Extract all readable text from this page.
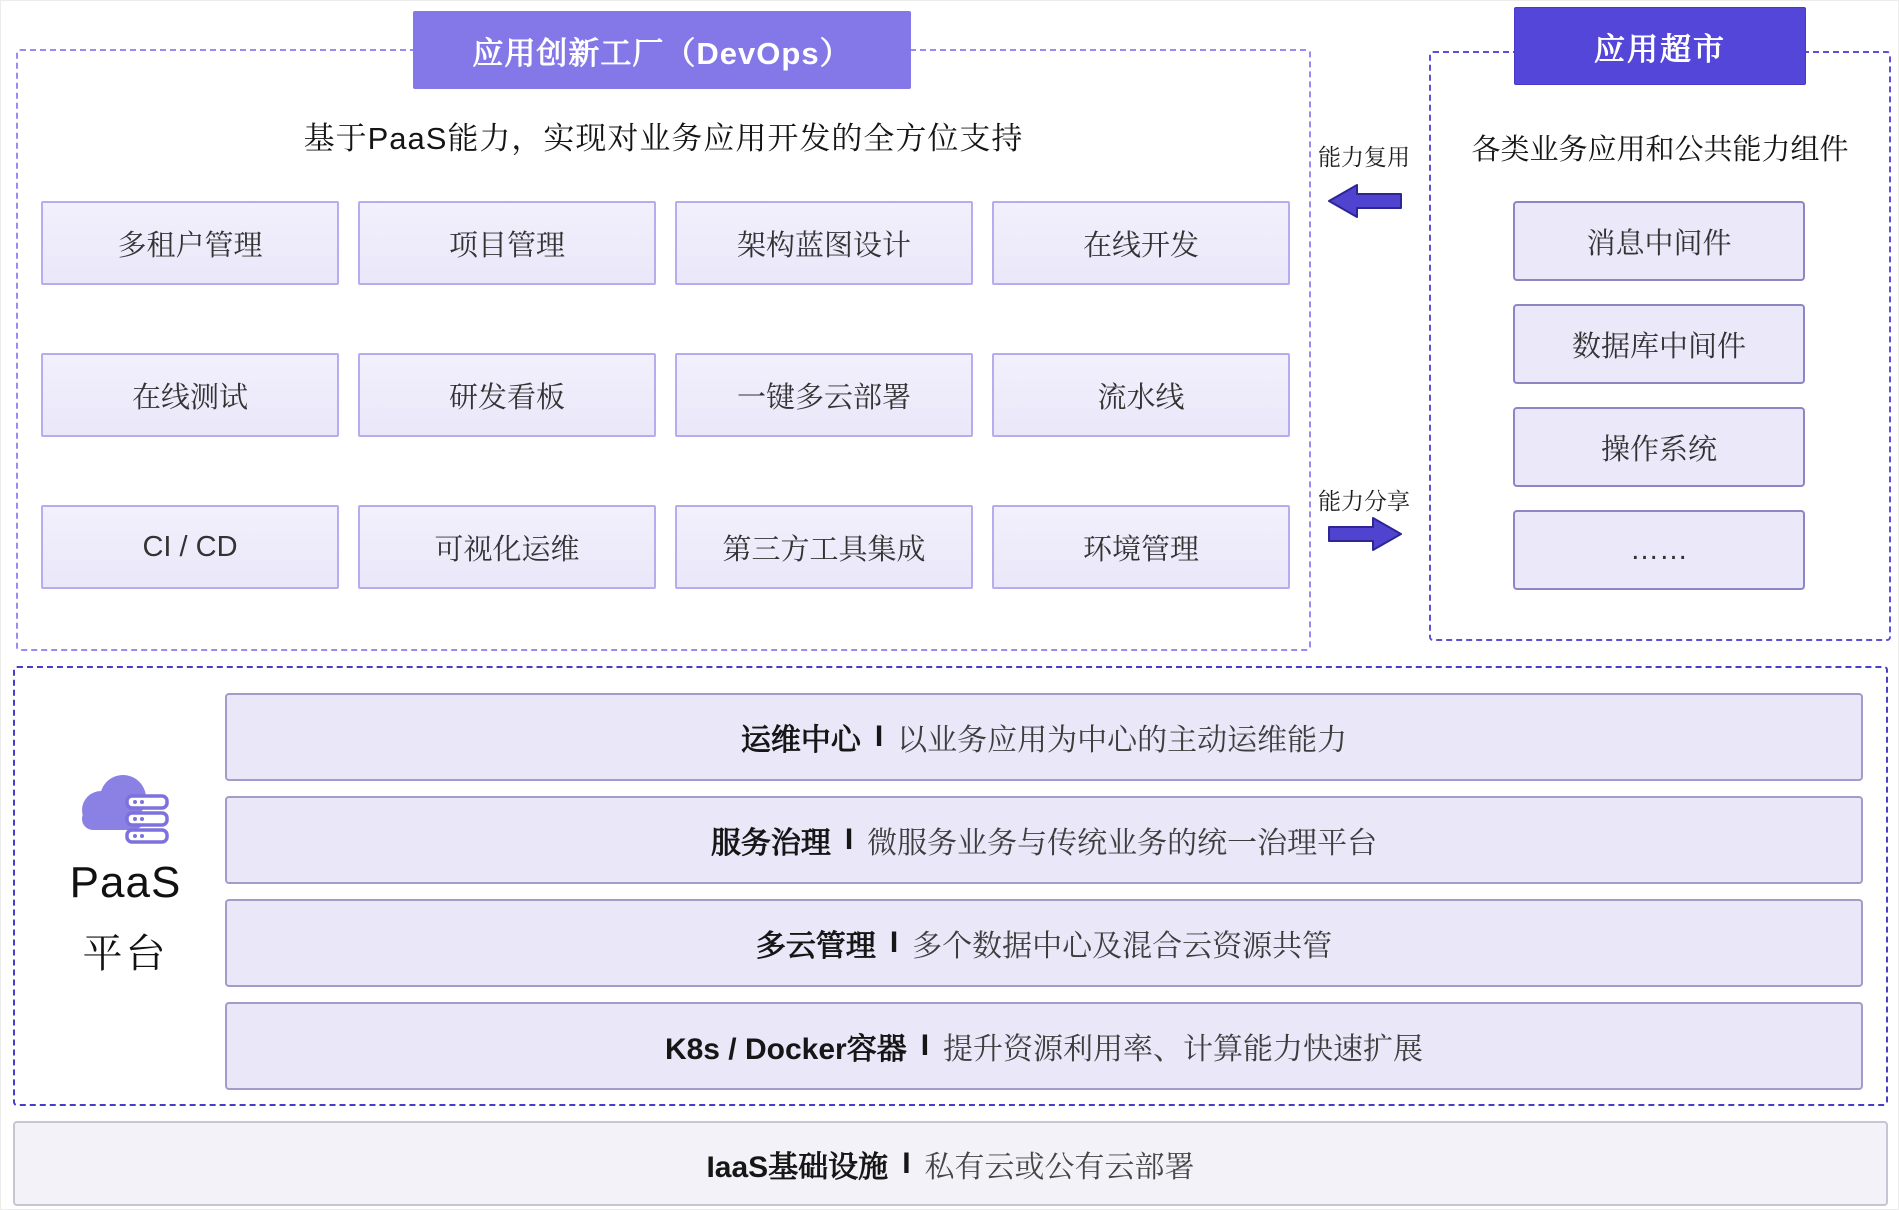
基于PaaS能力，实现对业务应用开发的全方位支持
多租户管理	项目管理	架构蓝图设计	在线开发
在线测试	研发看板	一键多云部署	流水线
CI / CD	可视化运维	第三方工具集成	环境管理
应用创新工厂（DevOps）
能力复用
能力分享
各类业务应用和公共能力组件
消息中间件
数据库中间件
操作系统
……
应用超市
PaaS
平台
运维中心 I 以业务应用为中心的主动运维能力
服务治理 I 微服务业务与传统业务的统一治理平台
多云管理 I 多个数据中心及混合云资源共管
K8s / Docker容器 I 提升资源利用率、计算能力快速扩展
IaaS基础设施 I 私有云或公有云部署
